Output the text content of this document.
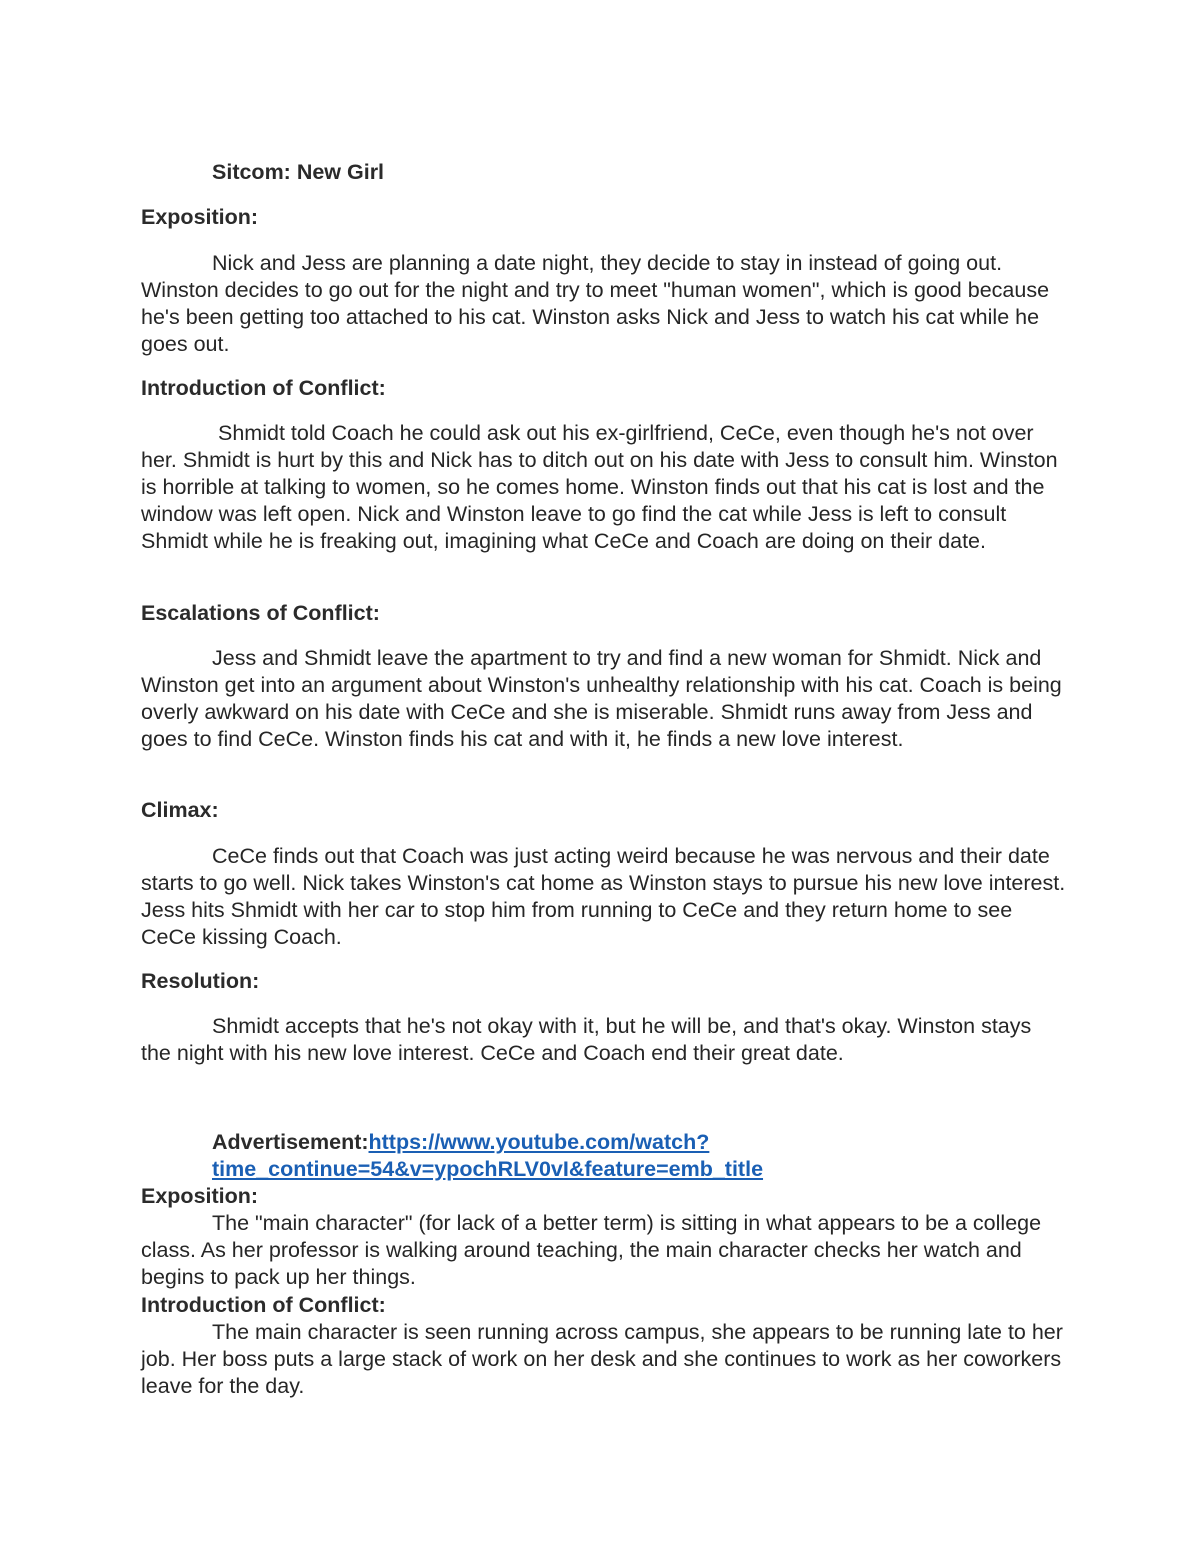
Sitcom: New Girl
Exposition:

Nick and Jess are planning a date night, they decide to stay in instead of going out. Winston decides to go out for the night and try to meet "human women", which is good because he's been getting too attached to his cat. Winston asks Nick and Jess to watch his cat while he goes out.

Introduction of Conflict:

Shmidt told Coach he could ask out his ex-girlfriend, CeCe, even though he's not over her. Shmidt is hurt by this and Nick has to ditch out on his date with Jess to consult him. Winston is horrible at talking to women, so he comes home. Winston finds out that his cat is lost and the window was left open. Nick and Winston leave to go find the cat while Jess is left to consult Shmidt while he is freaking out, imagining what CeCe and Coach are doing on their date.

Escalations of Conflict:

Jess and Shmidt leave the apartment to try and find a new woman for Shmidt. Nick and Winston get into an argument about Winston's unhealthy relationship with his cat. Coach is being overly awkward on his date with CeCe and she is miserable. Shmidt runs away from Jess and goes to find CeCe. Winston finds his cat and with it, he finds a new love interest.

Climax:

CeCe finds out that Coach was just acting weird because he was nervous and their date starts to go well. Nick takes Winston's cat home as Winston stays to pursue his new love interest. Jess hits Shmidt with her car to stop him from running to CeCe and they return home to see CeCe kissing Coach.

Resolution:

Shmidt accepts that he's not okay with it, but he will be, and that's okay. Winston stays the night with his new love interest. CeCe and Coach end their great date.

Advertisement:https://www.youtube.com/watch?
time_continue=54&v=ypochRLV0vI&feature=emb_title
Exposition:

The "main character" (for lack of a better term) is sitting in what appears to be a college class. As her professor is walking around teaching, the main character checks her watch and begins to pack up her things.

Introduction of Conflict:

The main character is seen running across campus, she appears to be running late to her job. Her boss puts a large stack of work on her desk and she continues to work as her coworkers leave for the day.
